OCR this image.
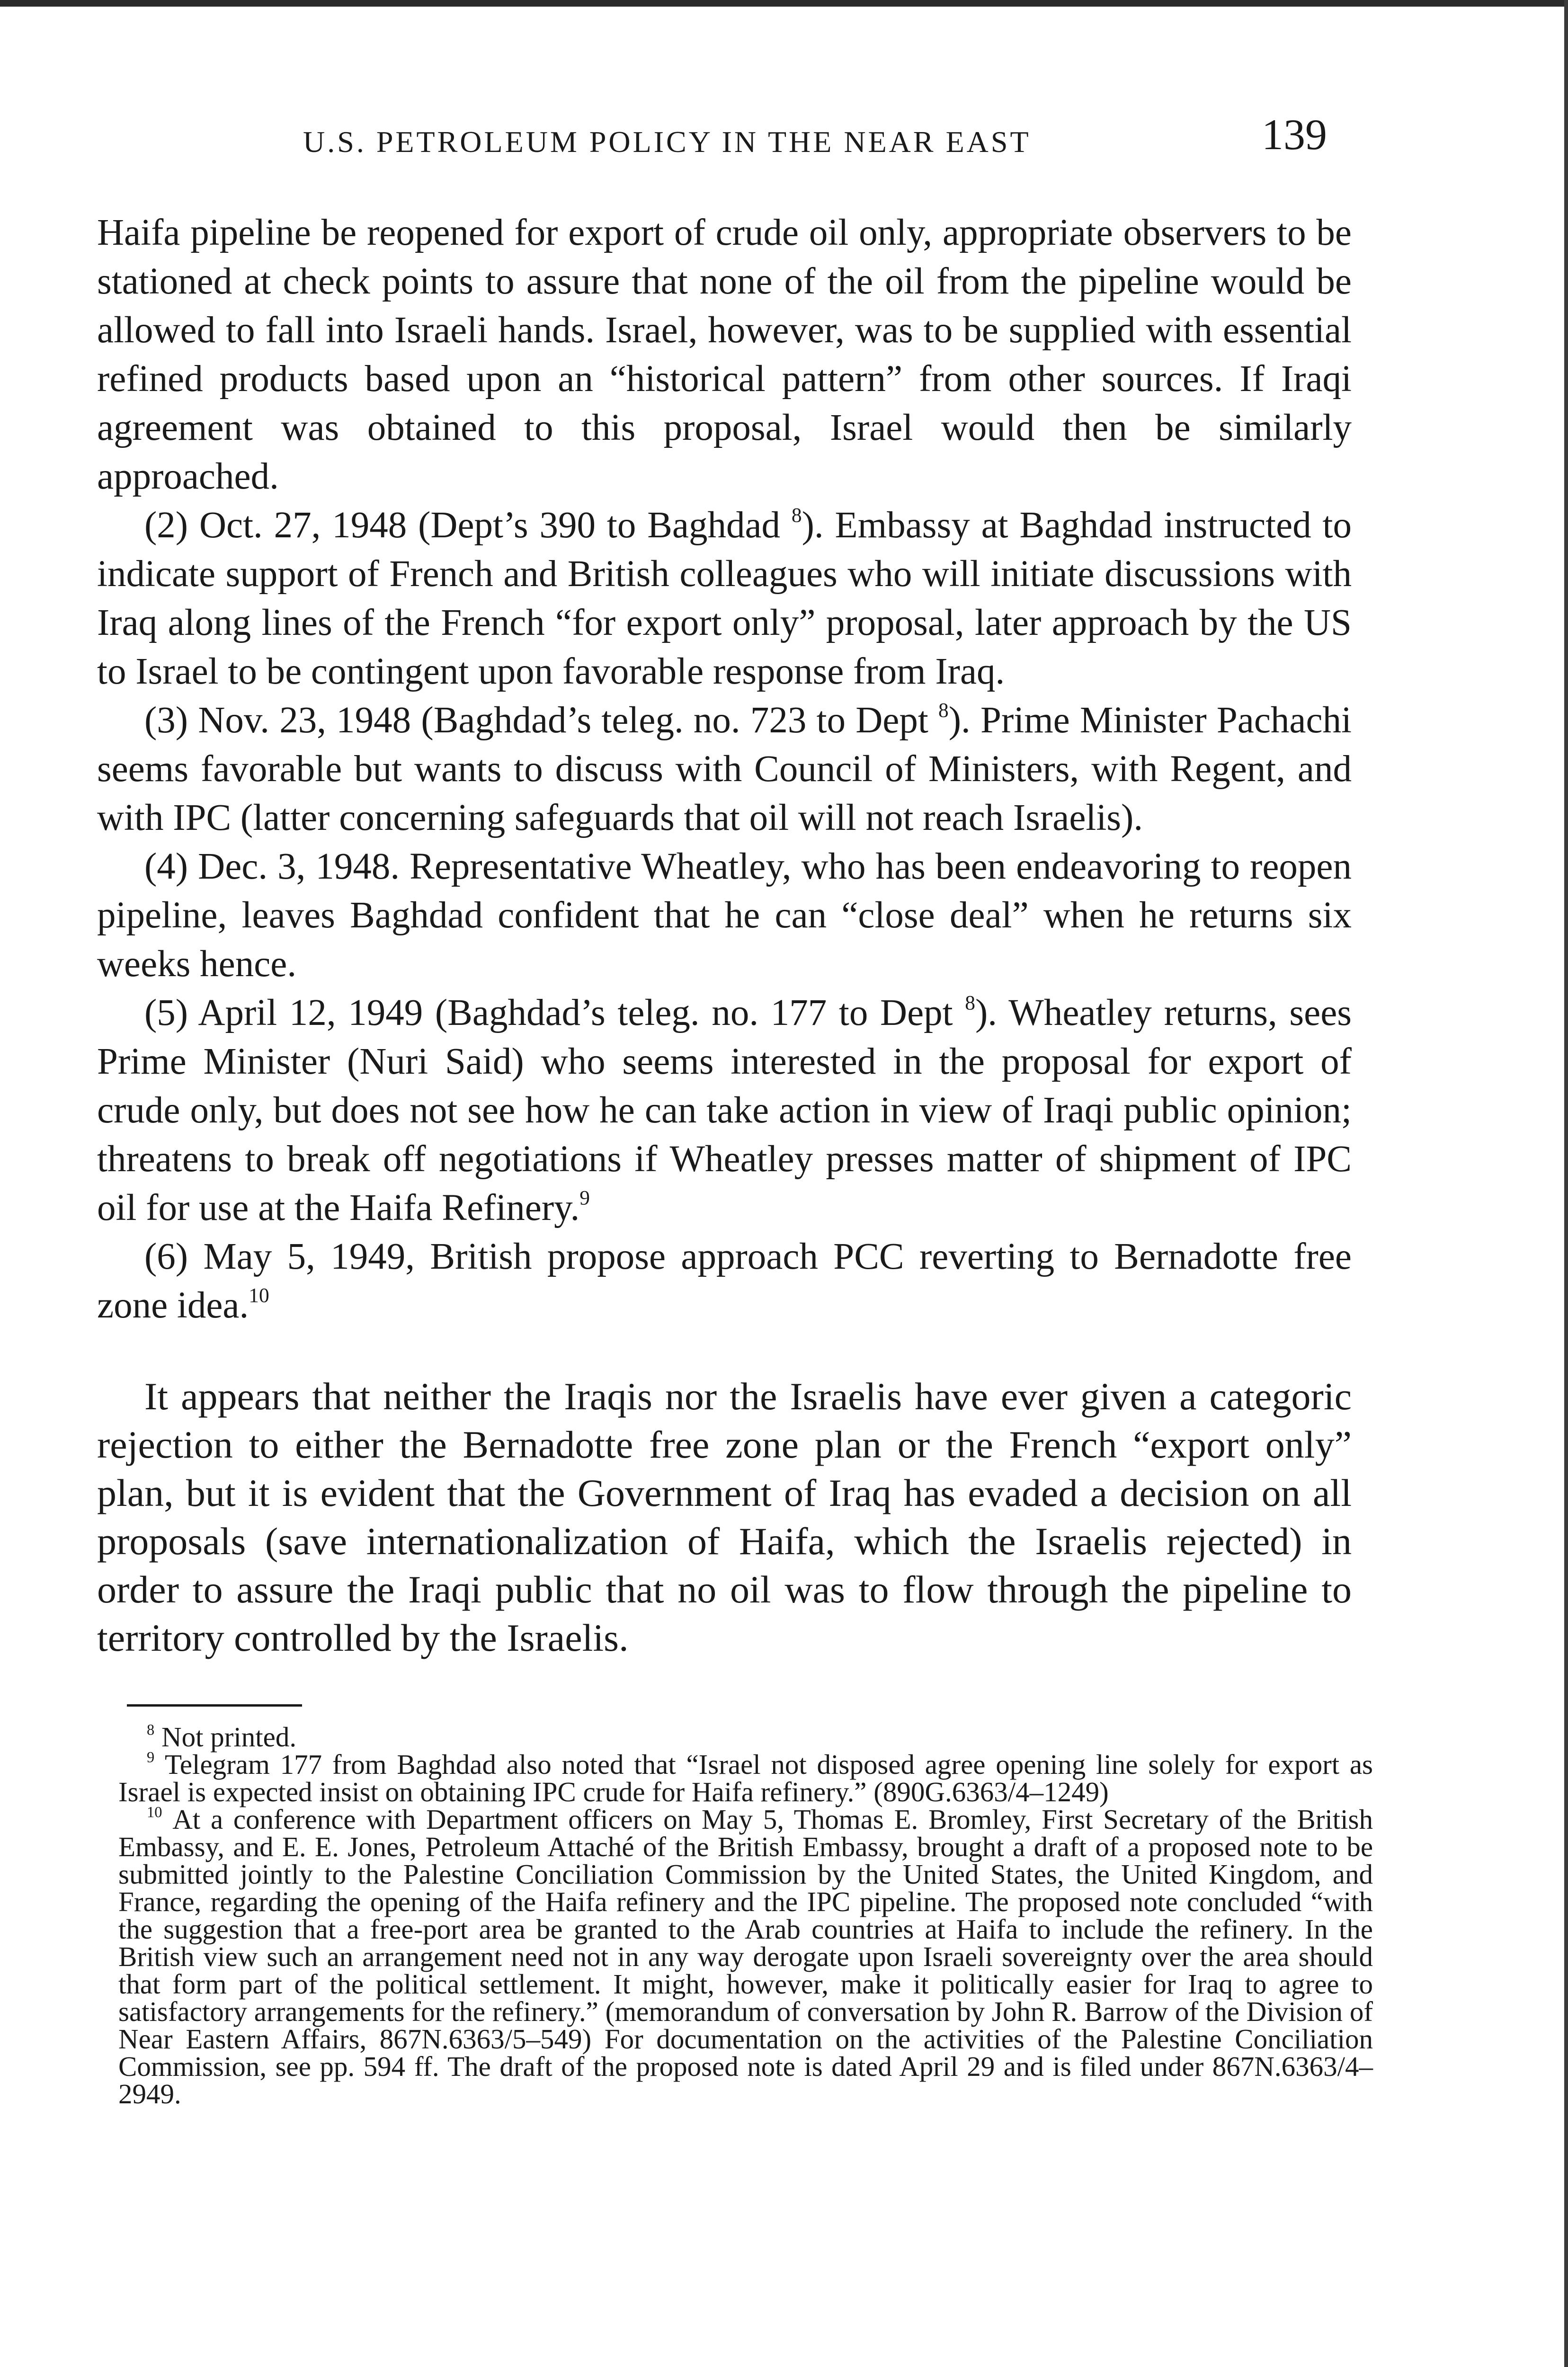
U.S. PETROLEUM POLICY IN THE NEAR EAST	139

Haifa pipeline be reopened for export of crude oil only, appropriate observers to be stationed at check points to assure that none of the oil from the pipeline would be allowed to fall into Israeli hands. Israel, however, was to be supplied with essential refined products based upon an “historical pattern” from other sources. If Iraqi agreement was obtained to this proposal, Israel would then be similarly approached.

(2) Oct. 27, 1948 (Dept’s 390 to Baghdad $^8$). Embassy at Baghdad instructed to indicate support of French and British colleagues who will initiate discussions with Iraq along lines of the French “for export only” proposal, later approach by the US to Israel to be contingent upon favorable response from Iraq.

(3) Nov. 23, 1948 (Baghdad’s teleg. no. 723 to Dept $^8$). Prime Minister Pachachi seems favorable but wants to discuss with Council of Ministers, with Regent, and with IPC (latter concerning safeguards that oil will not reach Israelis).

(4) Dec. 3, 1948. Representative Wheatley, who has been endeavoring to reopen pipeline, leaves Baghdad confident that he can “close deal” when he returns six weeks hence.

(5) April 12, 1949 (Baghdad’s teleg. no. 177 to Dept $^8$). Wheatley returns, sees Prime Minister (Nuri Said) who seems interested in the proposal for export of crude only, but does not see how he can take action in view of Iraqi public opinion; threatens to break off negotiations if Wheatley presses matter of shipment of IPC oil for use at the Haifa Refinery.$^9$

(6) May 5, 1949, British propose approach PCC reverting to Bernadotte free zone idea.$^{10}$

It appears that neither the Iraqis nor the Israelis have ever given a categoric rejection to either the Bernadotte free zone plan or the French “export only” plan, but it is evident that the Government of Iraq has evaded a decision on all proposals (save internationalization of Haifa, which the Israelis rejected) in order to assure the Iraqi public that no oil was to flow through the pipeline to territory controlled by the Israelis.

$^8$ Not printed.

$^9$ Telegram 177 from Baghdad also noted that “Israel not disposed agree opening line solely for export as Israel is expected insist on obtaining IPC crude for Haifa refinery.” (890G.6363/4–1249)

$^{10}$ At a conference with Department officers on May 5, Thomas E. Bromley, First Secretary of the British Embassy, and E. E. Jones, Petroleum Attaché of the British Embassy, brought a draft of a proposed note to be submitted jointly to the Palestine Conciliation Commission by the United States, the United Kingdom, and France, regarding the opening of the Haifa refinery and the IPC pipeline. The proposed note concluded “with the suggestion that a free-port area be granted to the Arab countries at Haifa to include the refinery. In the British view such an arrangement need not in any way derogate upon Israeli sovereignty over the area should that form part of the political settlement. It might, however, make it politically easier for Iraq to agree to satisfactory arrangements for the refinery.” (memorandum of conversation by John R. Barrow of the Division of Near Eastern Affairs, 867N.6363/5–549) For documentation on the activities of the Palestine Conciliation Commission, see pp. 594 ff. The draft of the proposed note is dated April 29 and is filed under 867N.6363/4–2949.
